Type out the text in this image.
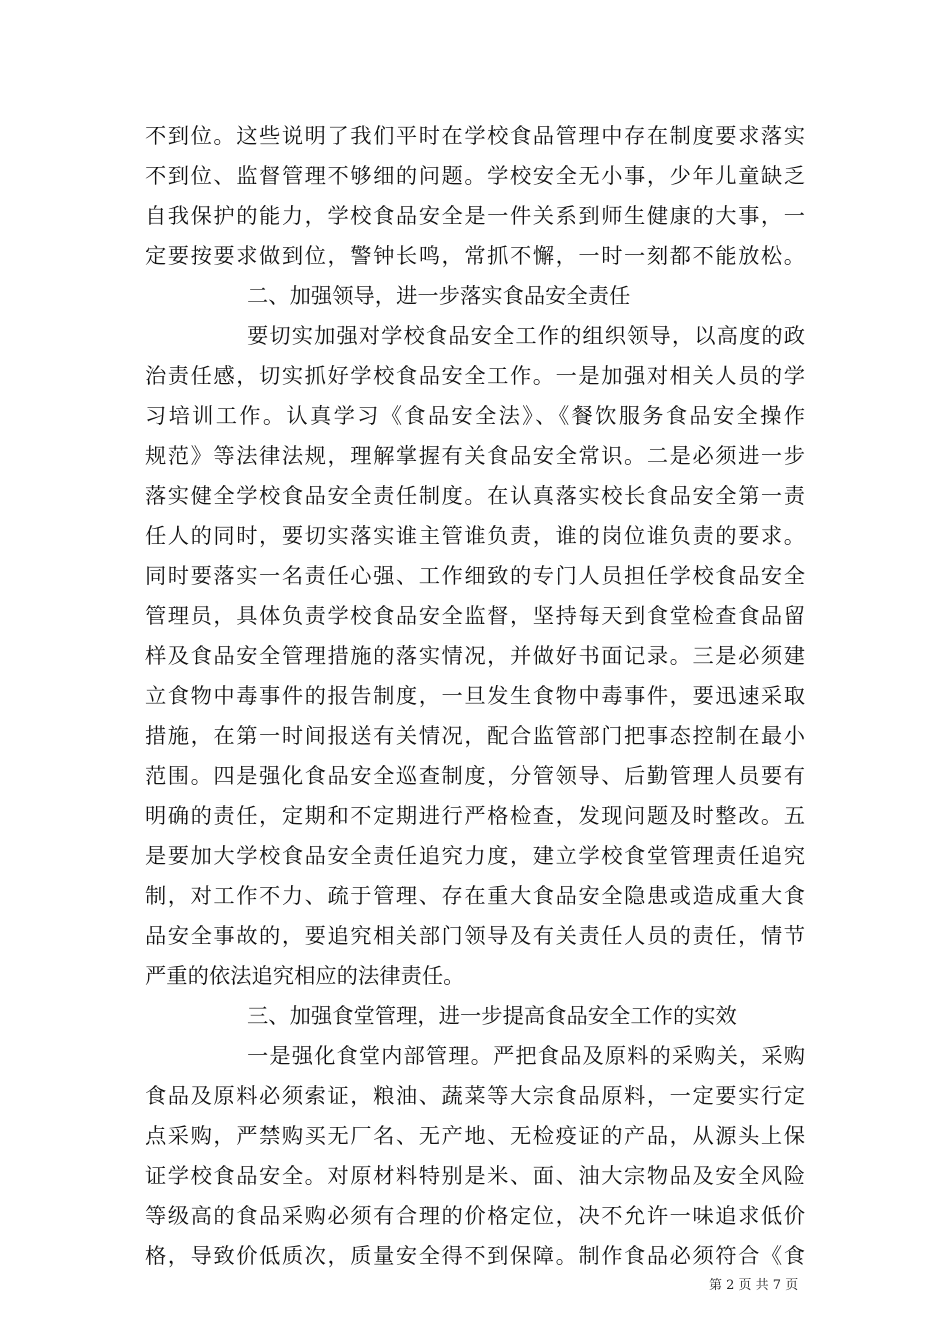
不到位。这些说明了我们平时在学校食品管理中存在制度要求落实
不到位、监督管理不够细的问题。学校安全无小事，少年儿童缺乏
自我保护的能力，学校食品安全是一件关系到师生健康的大事，一
定要按要求做到位，警钟长鸣，常抓不懈，一时一刻都不能放松。
二、加强领导，进一步落实食品安全责任
要切实加强对学校食品安全工作的组织领导，以高度的政
治责任感，切实抓好学校食品安全工作。一是加强对相关人员的学
习培训工作。认真学习《食品安全法》、《餐饮服务食品安全操作
规范》等法律法规，理解掌握有关食品安全常识。二是必须进一步
落实健全学校食品安全责任制度。在认真落实校长食品安全第一责
任人的同时，要切实落实谁主管谁负责，谁的岗位谁负责的要求。
同时要落实一名责任心强、工作细致的专门人员担任学校食品安全
管理员，具体负责学校食品安全监督，坚持每天到食堂检查食品留
样及食品安全管理措施的落实情况，并做好书面记录。三是必须建
立食物中毒事件的报告制度，一旦发生食物中毒事件，要迅速采取
措施，在第一时间报送有关情况，配合监管部门把事态控制在最小
范围。四是强化食品安全巡查制度，分管领导、后勤管理人员要有
明确的责任，定期和不定期进行严格检查，发现问题及时整改。五
是要加大学校食品安全责任追究力度，建立学校食堂管理责任追究
制，对工作不力、疏于管理、存在重大食品安全隐患或造成重大食
品安全事故的，要追究相关部门领导及有关责任人员的责任，情节
严重的依法追究相应的法律责任。
三、加强食堂管理，进一步提高食品安全工作的实效
一是强化食堂内部管理。严把食品及原料的采购关，采购
食品及原料必须索证，粮油、蔬菜等大宗食品原料，一定要实行定
点采购，严禁购买无厂名、无产地、无检疫证的产品，从源头上保
证学校食品安全。对原材料特别是米、面、油大宗物品及安全风险
等级高的食品采购必须有合理的价格定位，决不允许一味追求低价
格，导致价低质次，质量安全得不到保障。制作食品必须符合《食
第 2 页 共 7 页
